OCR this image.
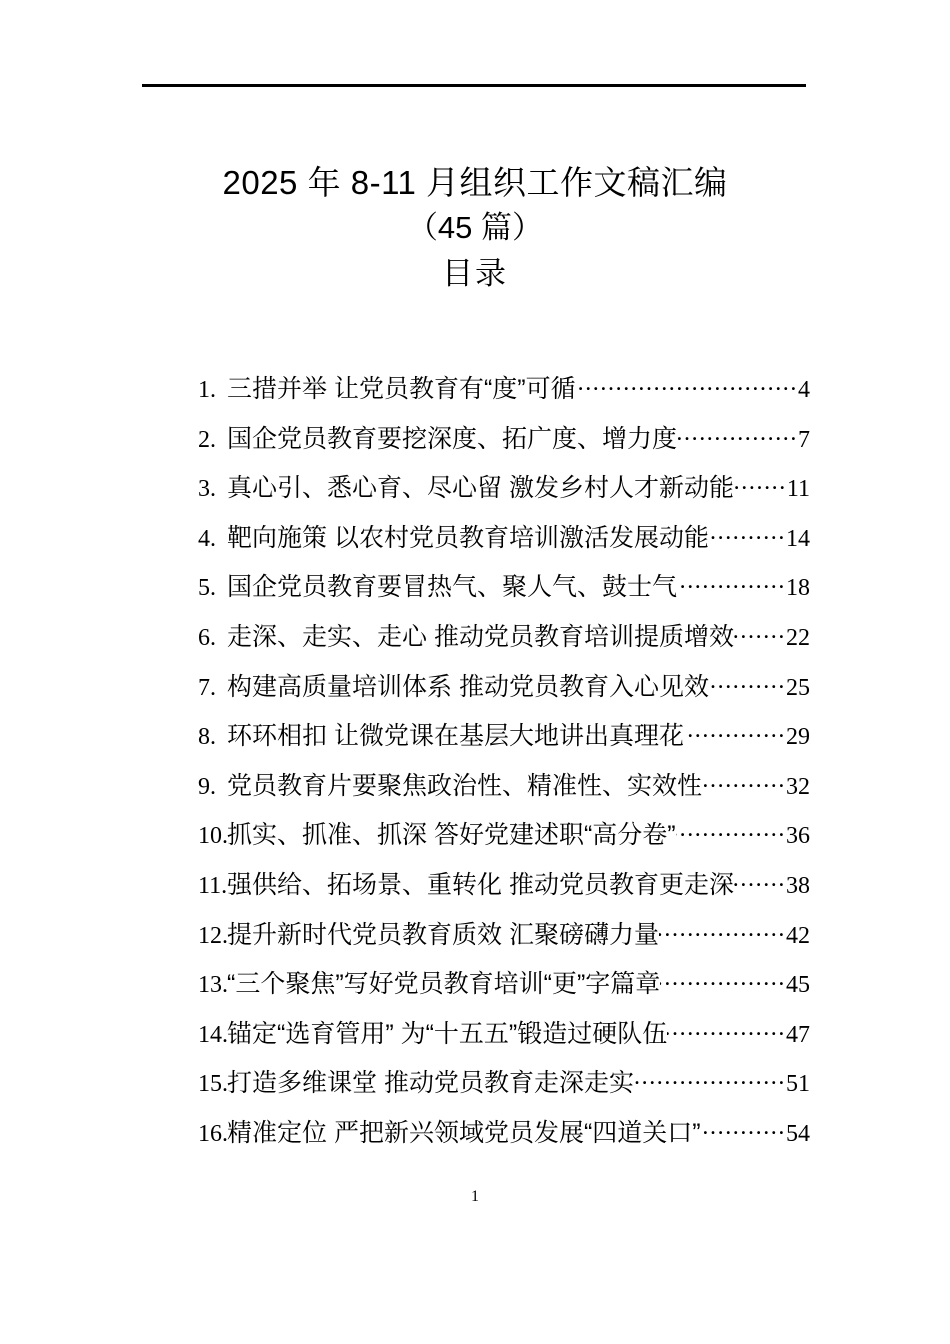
2025 年 8-11 月组织工作文稿汇编
（45 篇）
目录
1. 三措并举 让党员教育有“度”可循 .....	4
2. 国企党员教育要挖深度、拓广度、增力度 .....	7
3. 真心引、悉心育、尽心留 激发乡村人才新动能 ..... 11
4. 靶向施策 以农村党员教育培训激活发展动能 .....	14
5. 国企党员教育要冒热气、聚人气、鼓士气 .....	18
6. 走深、走实、走心 推动党员教育培训提质增效 ..... 22
7. 构建高质量培训体系 推动党员教育入心见效 .....	25
8. 环环相扣 让微党课在基层大地讲出真理花 .....	29
9. 党员教育片要聚焦政治性、精准性、实效性 .....	32
10. 抓实、抓准、抓深 答好党建述职“高分卷” .....	36
11. 强供给、拓场景、重转化 推动党员教育更走深 ..... 38
12. 提升新时代党员教育质效 汇聚磅礴力量 .....	42
13. “三个聚焦”写好党员教育培训“更”字篇章 .....	45
14. 锚定“选育管用” 为“十五五”锻造过硬队伍 .....	47
15. 打造多维课堂 推动党员教育走深走实 .....	51
16. 精准定位 严把新兴领域党员发展“四道关口” .....	54
1
